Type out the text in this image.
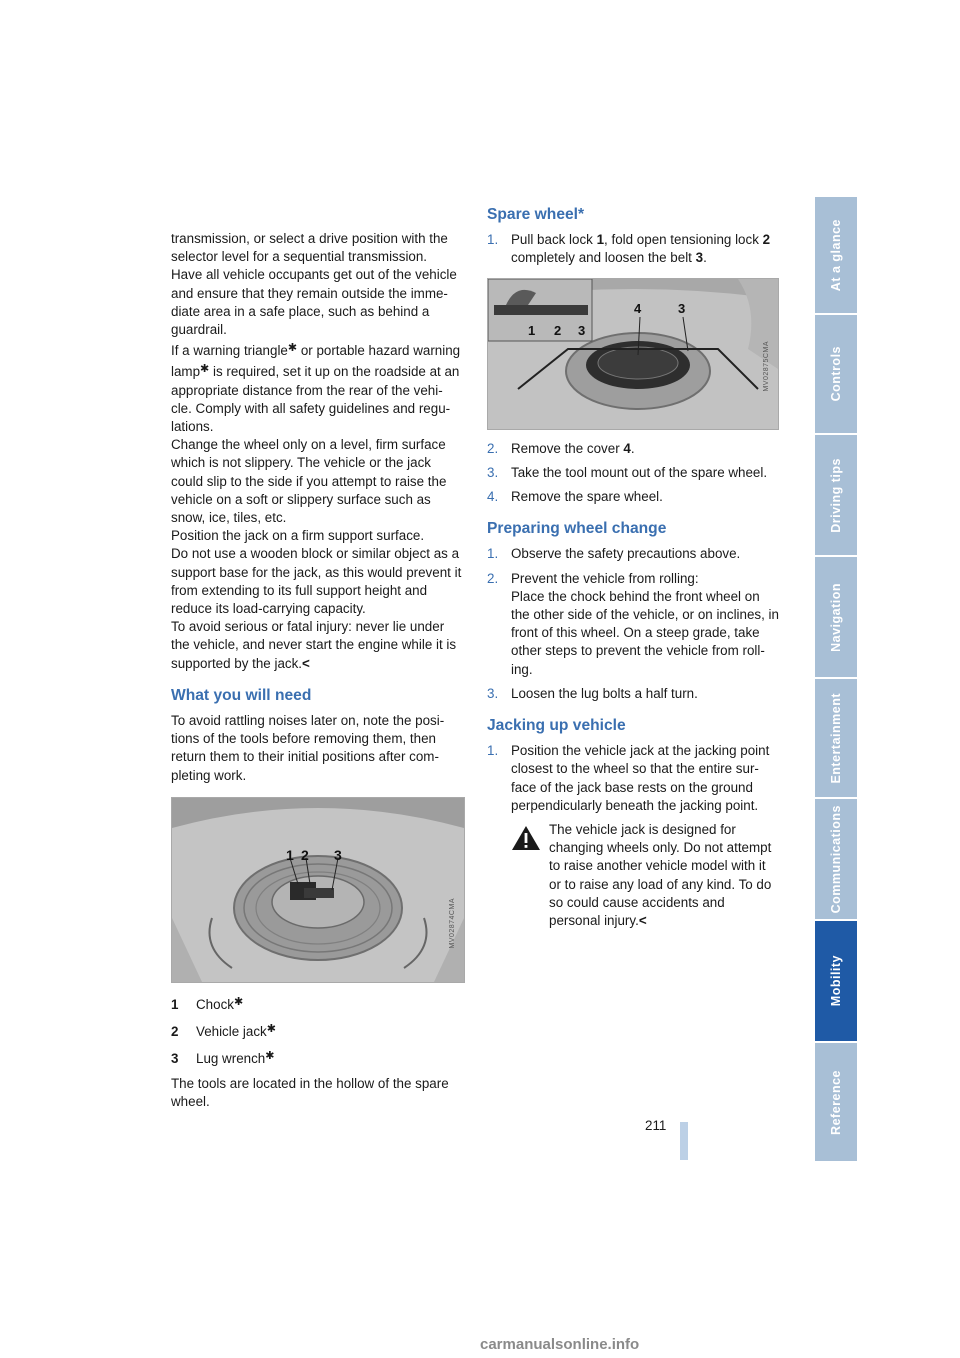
transmission, or select a drive position with the selector level for a sequential transmission.

Have all vehicle occupants get out of the vehicle and ensure that they remain outside the imme-diate area in a safe place, such as behind a guardrail.

If a warning triangle✱ or portable hazard warning lamp✱ is required, set it up on the roadside at an appropriate distance from the rear of the vehi-cle. Comply with all safety guidelines and regu-lations.

Change the wheel only on a level, firm surface which is not slippery. The vehicle or the jack could slip to the side if you attempt to raise the vehicle on a soft or slippery surface such as snow, ice, tiles, etc.

Position the jack on a firm support surface.

Do not use a wooden block or similar object as a support base for the jack, as this would prevent it from extending to its full support height and reduce its load-carrying capacity.

To avoid serious or fatal injury: never lie under the vehicle, and never start the engine while it is supported by the jack.<

What you will need

To avoid rattling noises later on, note the posi-tions of the tools before removing them, then return them to their initial positions after com-pleting work.

1 2 3
MV02874CMA
1 Chock✱
2 Vehicle jack✱
3 Lug wrench✱

The tools are located in the hollow of the spare wheel.

Spare wheel*
1. Pull back lock 1, fold open tensioning lock 2 completely and loosen the belt 3.
1 2 3
4	3
MV02875CMA
2. Remove the cover 4.
3. Take the tool mount out of the spare wheel.
4. Remove the spare wheel.
Preparing wheel change
1. Observe the safety precautions above.
2. Prevent the vehicle from rolling:
Place the chock behind the front wheel on the other side of the vehicle, or on inclines, in front of this wheel. On a steep grade, take other steps to prevent the vehicle from roll-ing.
3. Loosen the lug bolts a half turn.
Jacking up vehicle
1. Position the vehicle jack at the jacking point closest to the wheel so that the entire sur-face of the jack base rests on the ground perpendicularly beneath the jacking point.
The vehicle jack is designed for changing wheels only. Do not attempt to raise another vehicle model with it or to raise any load of any kind. To do so could cause accidents and personal injury.<
At a glance
Controls
Driving tips
Navigation
Entertainment
Communications
Mobility
Reference
211
carmanualsonline.info
